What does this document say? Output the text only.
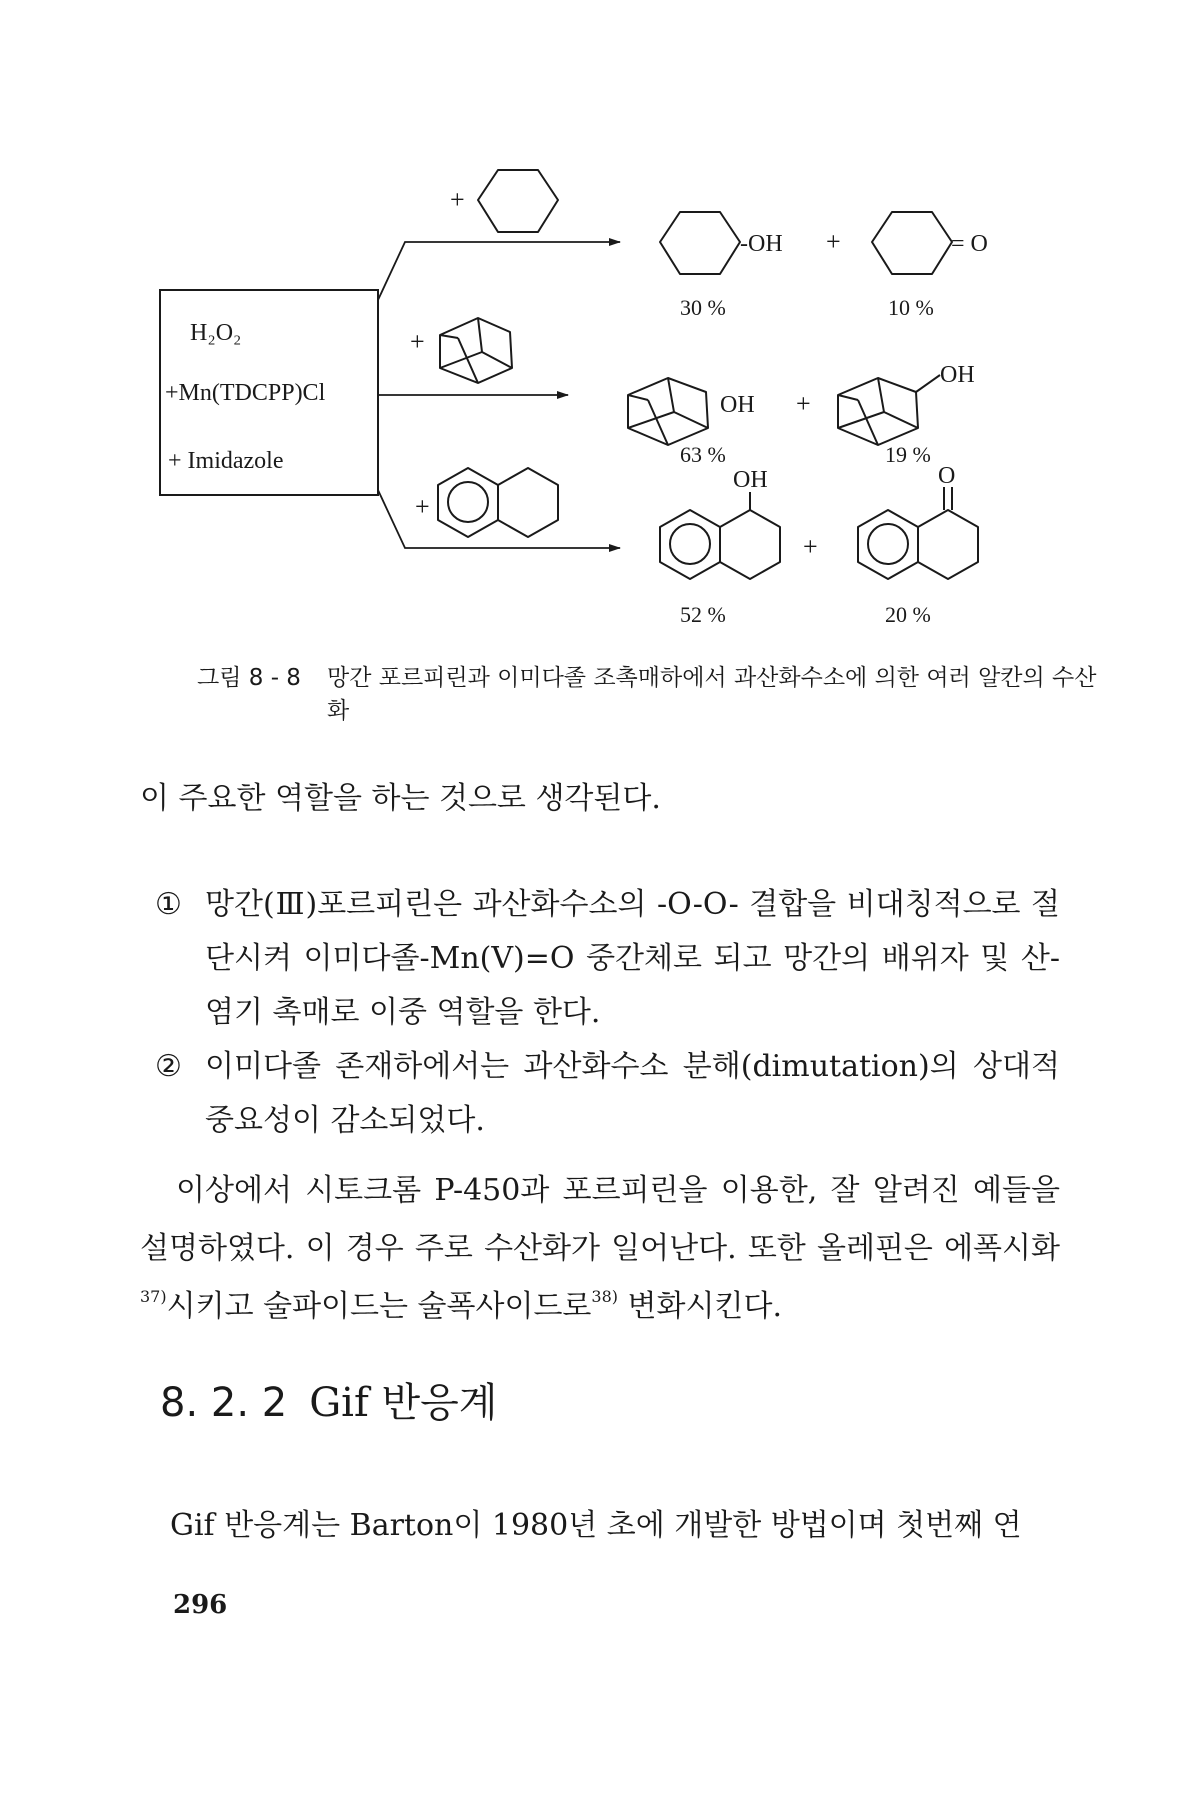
H₂O₂
+Mn(TDCPP)Cl
+ Imidazole
+
+
+
-OH
30 %
+	= O
10 %
OH
63 %
+
OH
19 %
OH
52 %
+
O
20 %
그림 8 - 8	망간 포르피린과 이미다졸 조촉매하에서 과산화수소에 의한 여러 알칸의 수산화
이 주요한 역할을 하는 것으로 생각된다.
① 망간(Ⅲ)포르피린은 과산화수소의 -O-O- 결합을 비대칭적으로 절단시켜 이미다졸-Mn(V)=O 중간체로 되고 망간의 배위자 및 산-염기 촉매로 이중 역할을 한다.
② 이미다졸 존재하에서는 과산화수소 분해(dimutation)의 상대적 중요성이 감소되었다.
이상에서 시토크롬 P-450과 포르피린을 이용한, 잘 알려진 예들을 설명하였다. 이 경우 주로 수산화가 일어난다. 또한 올레핀은 에폭시화$^{37)}$시키고 술파이드는 술폭사이드로$^{38)}$ 변화시킨다.
8. 2. 2 Gif 반응계
Gif 반응계는 Barton이 1980년 초에 개발한 방법이며 첫번째 연
296
